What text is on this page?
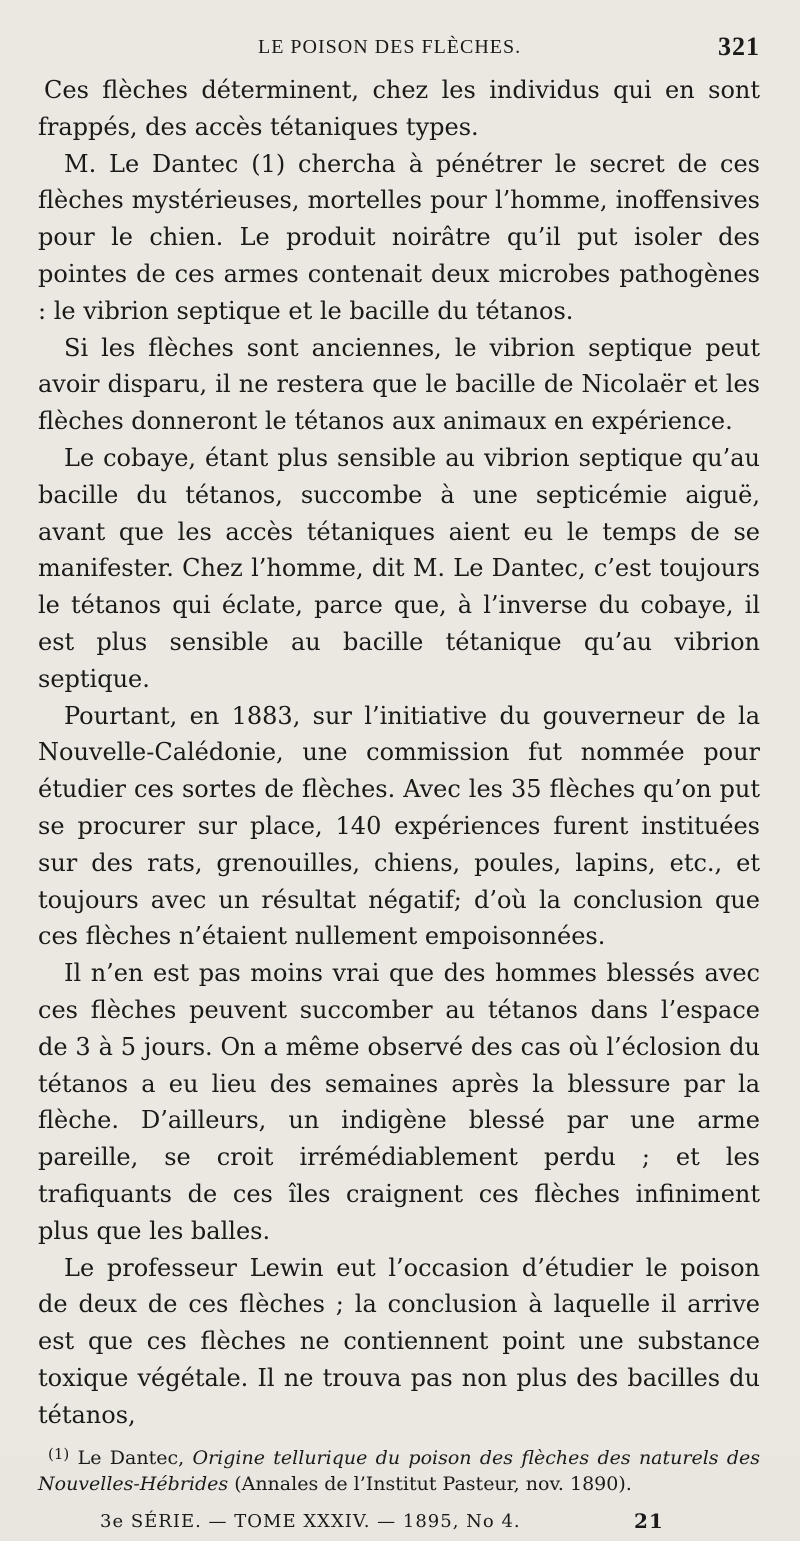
LE POISON DES FLÈCHES.	321

Ces flèches déterminent, chez les individus qui en sont frappés, des accès tétaniques types.

M. Le Dantec (1) chercha à pénétrer le secret de ces flèches mystérieuses, mortelles pour l’homme, inoffensives pour le chien. Le produit noirâtre qu’il put isoler des pointes de ces armes contenait deux microbes pathogènes : le vibrion septique et le bacille du tétanos.

Si les flèches sont anciennes, le vibrion septique peut avoir disparu, il ne restera que le bacille de Nicolaër et les flèches donneront le tétanos aux animaux en expérience.

Le cobaye, étant plus sensible au vibrion septique qu’au bacille du tétanos, succombe à une septicémie aiguë, avant que les accès tétaniques aient eu le temps de se manifester. Chez l’homme, dit M. Le Dantec, c’est toujours le tétanos qui éclate, parce que, à l’inverse du cobaye, il est plus sensible au bacille tétanique qu’au vibrion septique.

Pourtant, en 1883, sur l’initiative du gouverneur de la Nouvelle-Calédonie, une commission fut nommée pour étudier ces sortes de flèches. Avec les 35 flèches qu’on put se procurer sur place, 140 expériences furent instituées sur des rats, grenouilles, chiens, poules, lapins, etc., et toujours avec un résultat négatif; d’où la conclusion que ces flèches n’étaient nullement empoisonnées.

Il n’en est pas moins vrai que des hommes blessés avec ces flèches peuvent succomber au tétanos dans l’espace de 3 à 5 jours. On a même observé des cas où l’éclosion du tétanos a eu lieu des semaines après la blessure par la flèche. D’ailleurs, un indigène blessé par une arme pareille, se croit irrémédiablement perdu ; et les trafiquants de ces îles craignent ces flèches infiniment plus que les balles.

Le professeur Lewin eut l’occasion d’étudier le poison de deux de ces flèches ; la conclusion à laquelle il arrive est que ces flèches ne contiennent point une substance toxique végétale. Il ne trouva pas non plus des bacilles du tétanos,

$^{(1)}$ Le Dantec, Origine tellurique du poison des flèches des naturels des Nouvelles-Hébrides (Annales de l’Institut Pasteur, nov. 1890).
3e SÉRIE. — TOME XXXIV. — 1895, No 4.	21
